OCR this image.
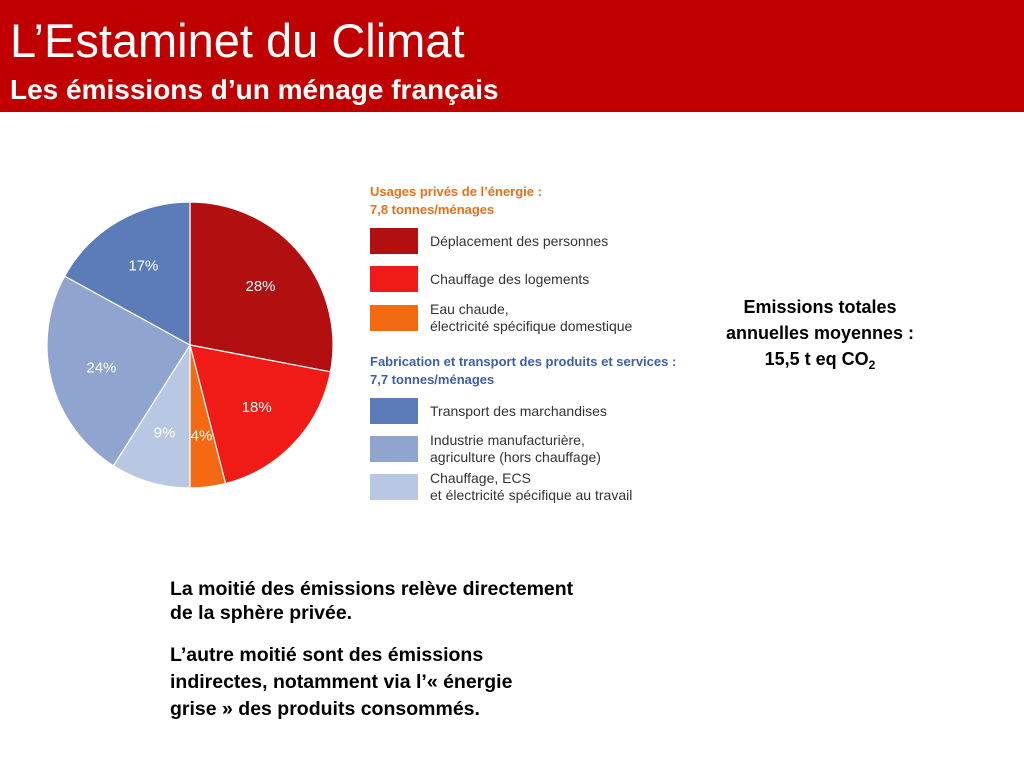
L’Estaminet du Climat
Les émissions d’un ménage français
28%
18%
4%
9%
24%
17%
Usages privés de l’énergie :
7,8 tonnes/ménages
Déplacement des personnes
Chauffage des logements
Eau chaude,
électricité spécifique domestique
Fabrication et transport des produits et services :
7,7 tonnes/ménages
Transport des marchandises
Industrie manufacturière,
agriculture (hors chauffage)
Chauffage, ECS
et électricité spécifique au travail
Emissions totales
annuelles moyennes :
15,5 t eq $CO_2$
La moitié des émissions relève directement
de la sphère privée.
L’autre moitié sont des émissions
indirectes, notamment via l’« énergie
grise » des produits consommés.
